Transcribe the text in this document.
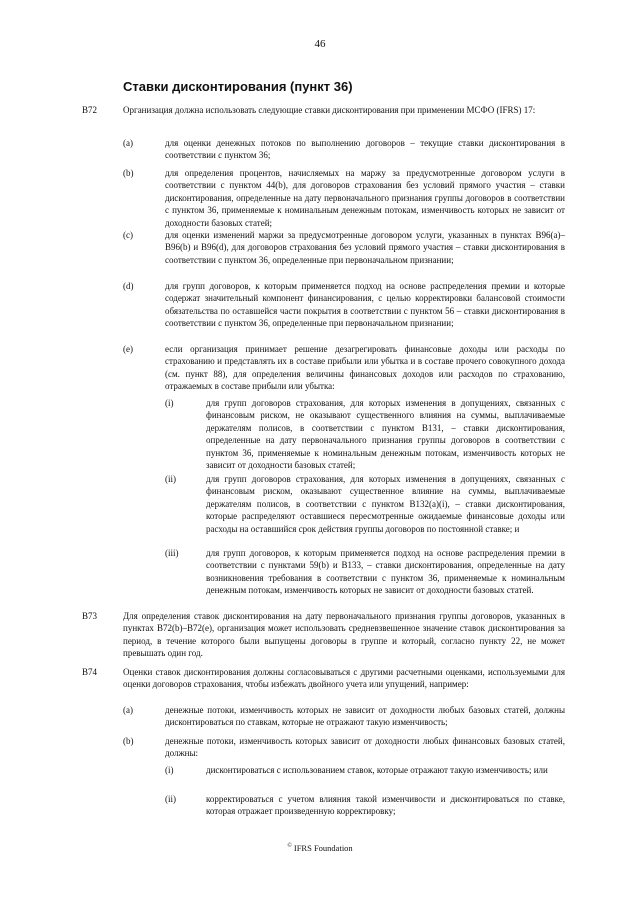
46
Ставки дисконтирования (пункт 36)
B72	Организация должна использовать следующие ставки дисконтирования при применении МСФО (IFRS) 17:
(a)	для оценки денежных потоков по выполнению договоров – текущие ставки дисконтирования в соответствии с пунктом 36;
(b)	для определения процентов, начисляемых на маржу за предусмотренные договором услуги в соответствии с пунктом 44(b), для договоров страхования без условий прямого участия – ставки дисконтирования, определенные на дату первоначального признания группы договоров в соответствии с пунктом 36, применяемые к номинальным денежным потокам, изменчивость которых не зависит от доходности базовых статей;
(c)	для оценки изменений маржи за предусмотренные договором услуги, указанных в пунктах B96(a)–B96(b) и B96(d), для договоров страхования без условий прямого участия – ставки дисконтирования в соответствии с пунктом 36, определенные при первоначальном признании;
(d)	для групп договоров, к которым применяется подход на основе распределения премии и которые содержат значительный компонент финансирования, с целью корректировки балансовой стоимости обязательства по оставшейся части покрытия в соответствии с пунктом 56 – ставки дисконтирования в соответствии с пунктом 36, определенные при первоначальном признании;
(e)	если организация принимает решение дезагрегировать финансовые доходы или расходы по страхованию и представлять их в составе прибыли или убытка и в составе прочего совокупного дохода (см. пункт 88), для определения величины финансовых доходов или расходов по страхованию, отражаемых в составе прибыли или убытка:
(i)	для групп договоров страхования, для которых изменения в допущениях, связанных с финансовым риском, не оказывают существенного влияния на суммы, выплачиваемые держателям полисов, в соответствии с пунктом B131, – ставки дисконтирования, определенные на дату первоначального признания группы договоров в соответствии с пунктом 36, применяемые к номинальным денежным потокам, изменчивость которых не зависит от доходности базовых статей;
(ii)	для групп договоров страхования, для которых изменения в допущениях, связанных с финансовым риском, оказывают существенное влияние на суммы, выплачиваемые держателям полисов, в соответствии с пунктом B132(a)(i), – ставки дисконтирования, которые распределяют оставшиеся пересмотренные ожидаемые финансовые доходы или расходы на оставшийся срок действия группы договоров по постоянной ставке; и
(iii)	для групп договоров, к которым применяется подход на основе распределения премии в соответствии с пунктами 59(b) и B133, – ставки дисконтирования, определенные на дату возникновения требования в соответствии с пунктом 36, применяемые к номинальным денежным потокам, изменчивость которых не зависит от доходности базовых статей.
B73	Для определения ставок дисконтирования на дату первоначального признания группы договоров, указанных в пунктах B72(b)–B72(e), организация может использовать средневзвешенное значение ставок дисконтирования за период, в течение которого были выпущены договоры в группе и который, согласно пункту 22, не может превышать один год.
B74	Оценки ставок дисконтирования должны согласовываться с другими расчетными оценками, используемыми для оценки договоров страхования, чтобы избежать двойного учета или упущений, например:
(a)	денежные потоки, изменчивость которых не зависит от доходности любых базовых статей, должны дисконтироваться по ставкам, которые не отражают такую изменчивость;
(b)	денежные потоки, изменчивость которых зависит от доходности любых финансовых базовых статей, должны:
(i)	дисконтироваться с использованием ставок, которые отражают такую изменчивость; или
(ii)	корректироваться с учетом влияния такой изменчивости и дисконтироваться по ставке, которая отражает произведенную корректировку;
© IFRS Foundation
